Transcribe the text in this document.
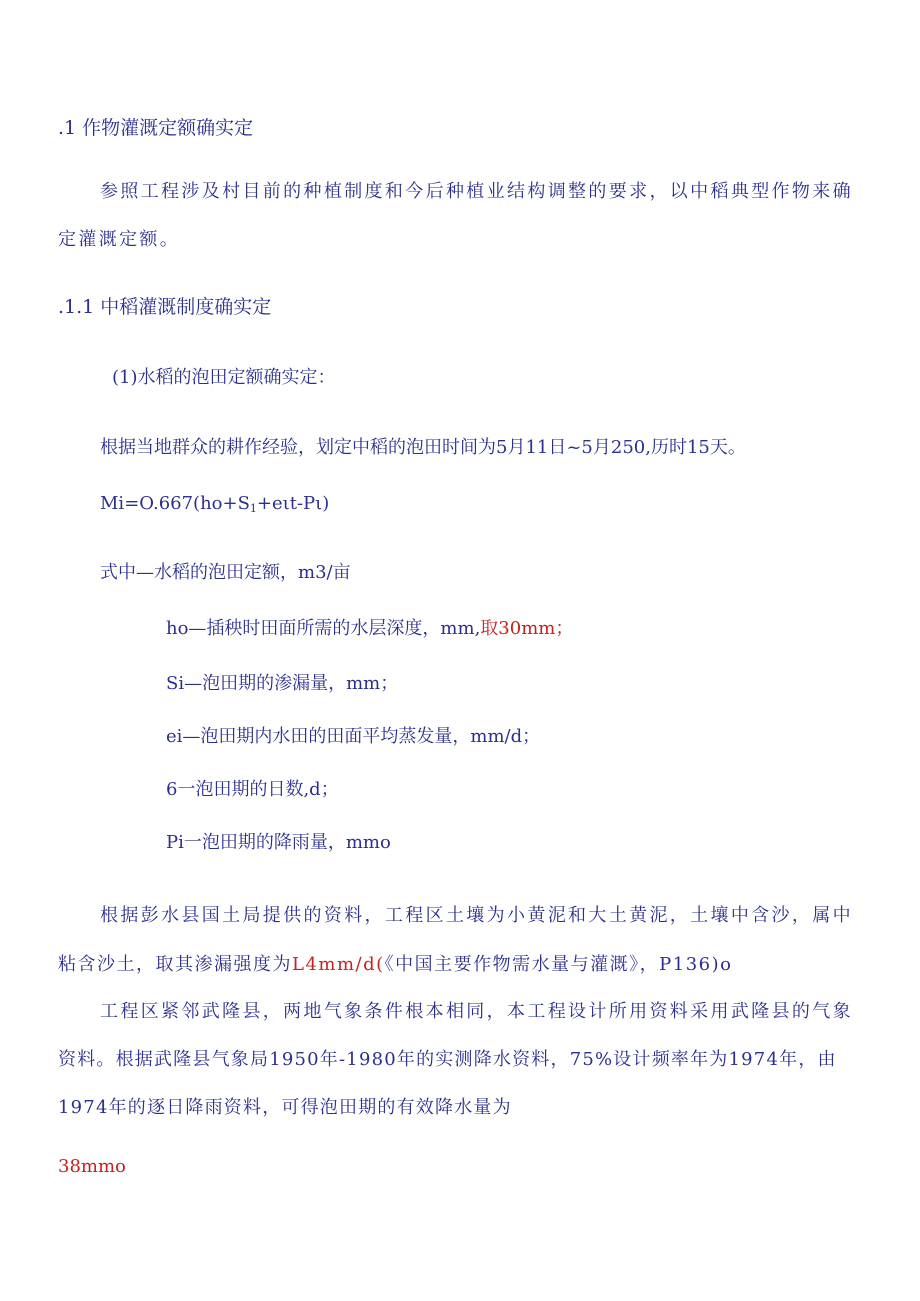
.1 作物灌溉定额确实定
参照工程涉及村目前的种植制度和今后种植业结构调整的要求，以中稻典型作物来确
定灌溉定额。
.1.1 中稻灌溉制度确实定
(1)水稻的泡田定额确实定：
根据当地群众的耕作经验，划定中稻的泡田时间为5月11日~5月250,历时15天。
$Mi=O.667(ho+S_1+e\iota t-P\iota)$
式中—水稻的泡田定额，m3/亩
ho—插秧时田面所需的水层深度，mm,取30mm；
Si—泡田期的渗漏量，mm；
ei—泡田期内水田的田面平均蒸发量，mm/d；
6一泡田期的日数,d；
Pi一泡田期的降雨量，mmo
根据彭水县国土局提供的资料，工程区土壤为小黄泥和大土黄泥，土壤中含沙，属中
粘含沙土，取其渗漏强度为L4mm∕d(《中国主要作物需水量与灌溉》，P136)o
工程区紧邻武隆县，两地气象条件根本相同，本工程设计所用资料采用武隆县的气象
资料。根据武隆县气象局1950年-1980年的实测降水资料，75%设计频率年为1974年，由
1974年的逐日降雨资料，可得泡田期的有效降水量为
38mmo
